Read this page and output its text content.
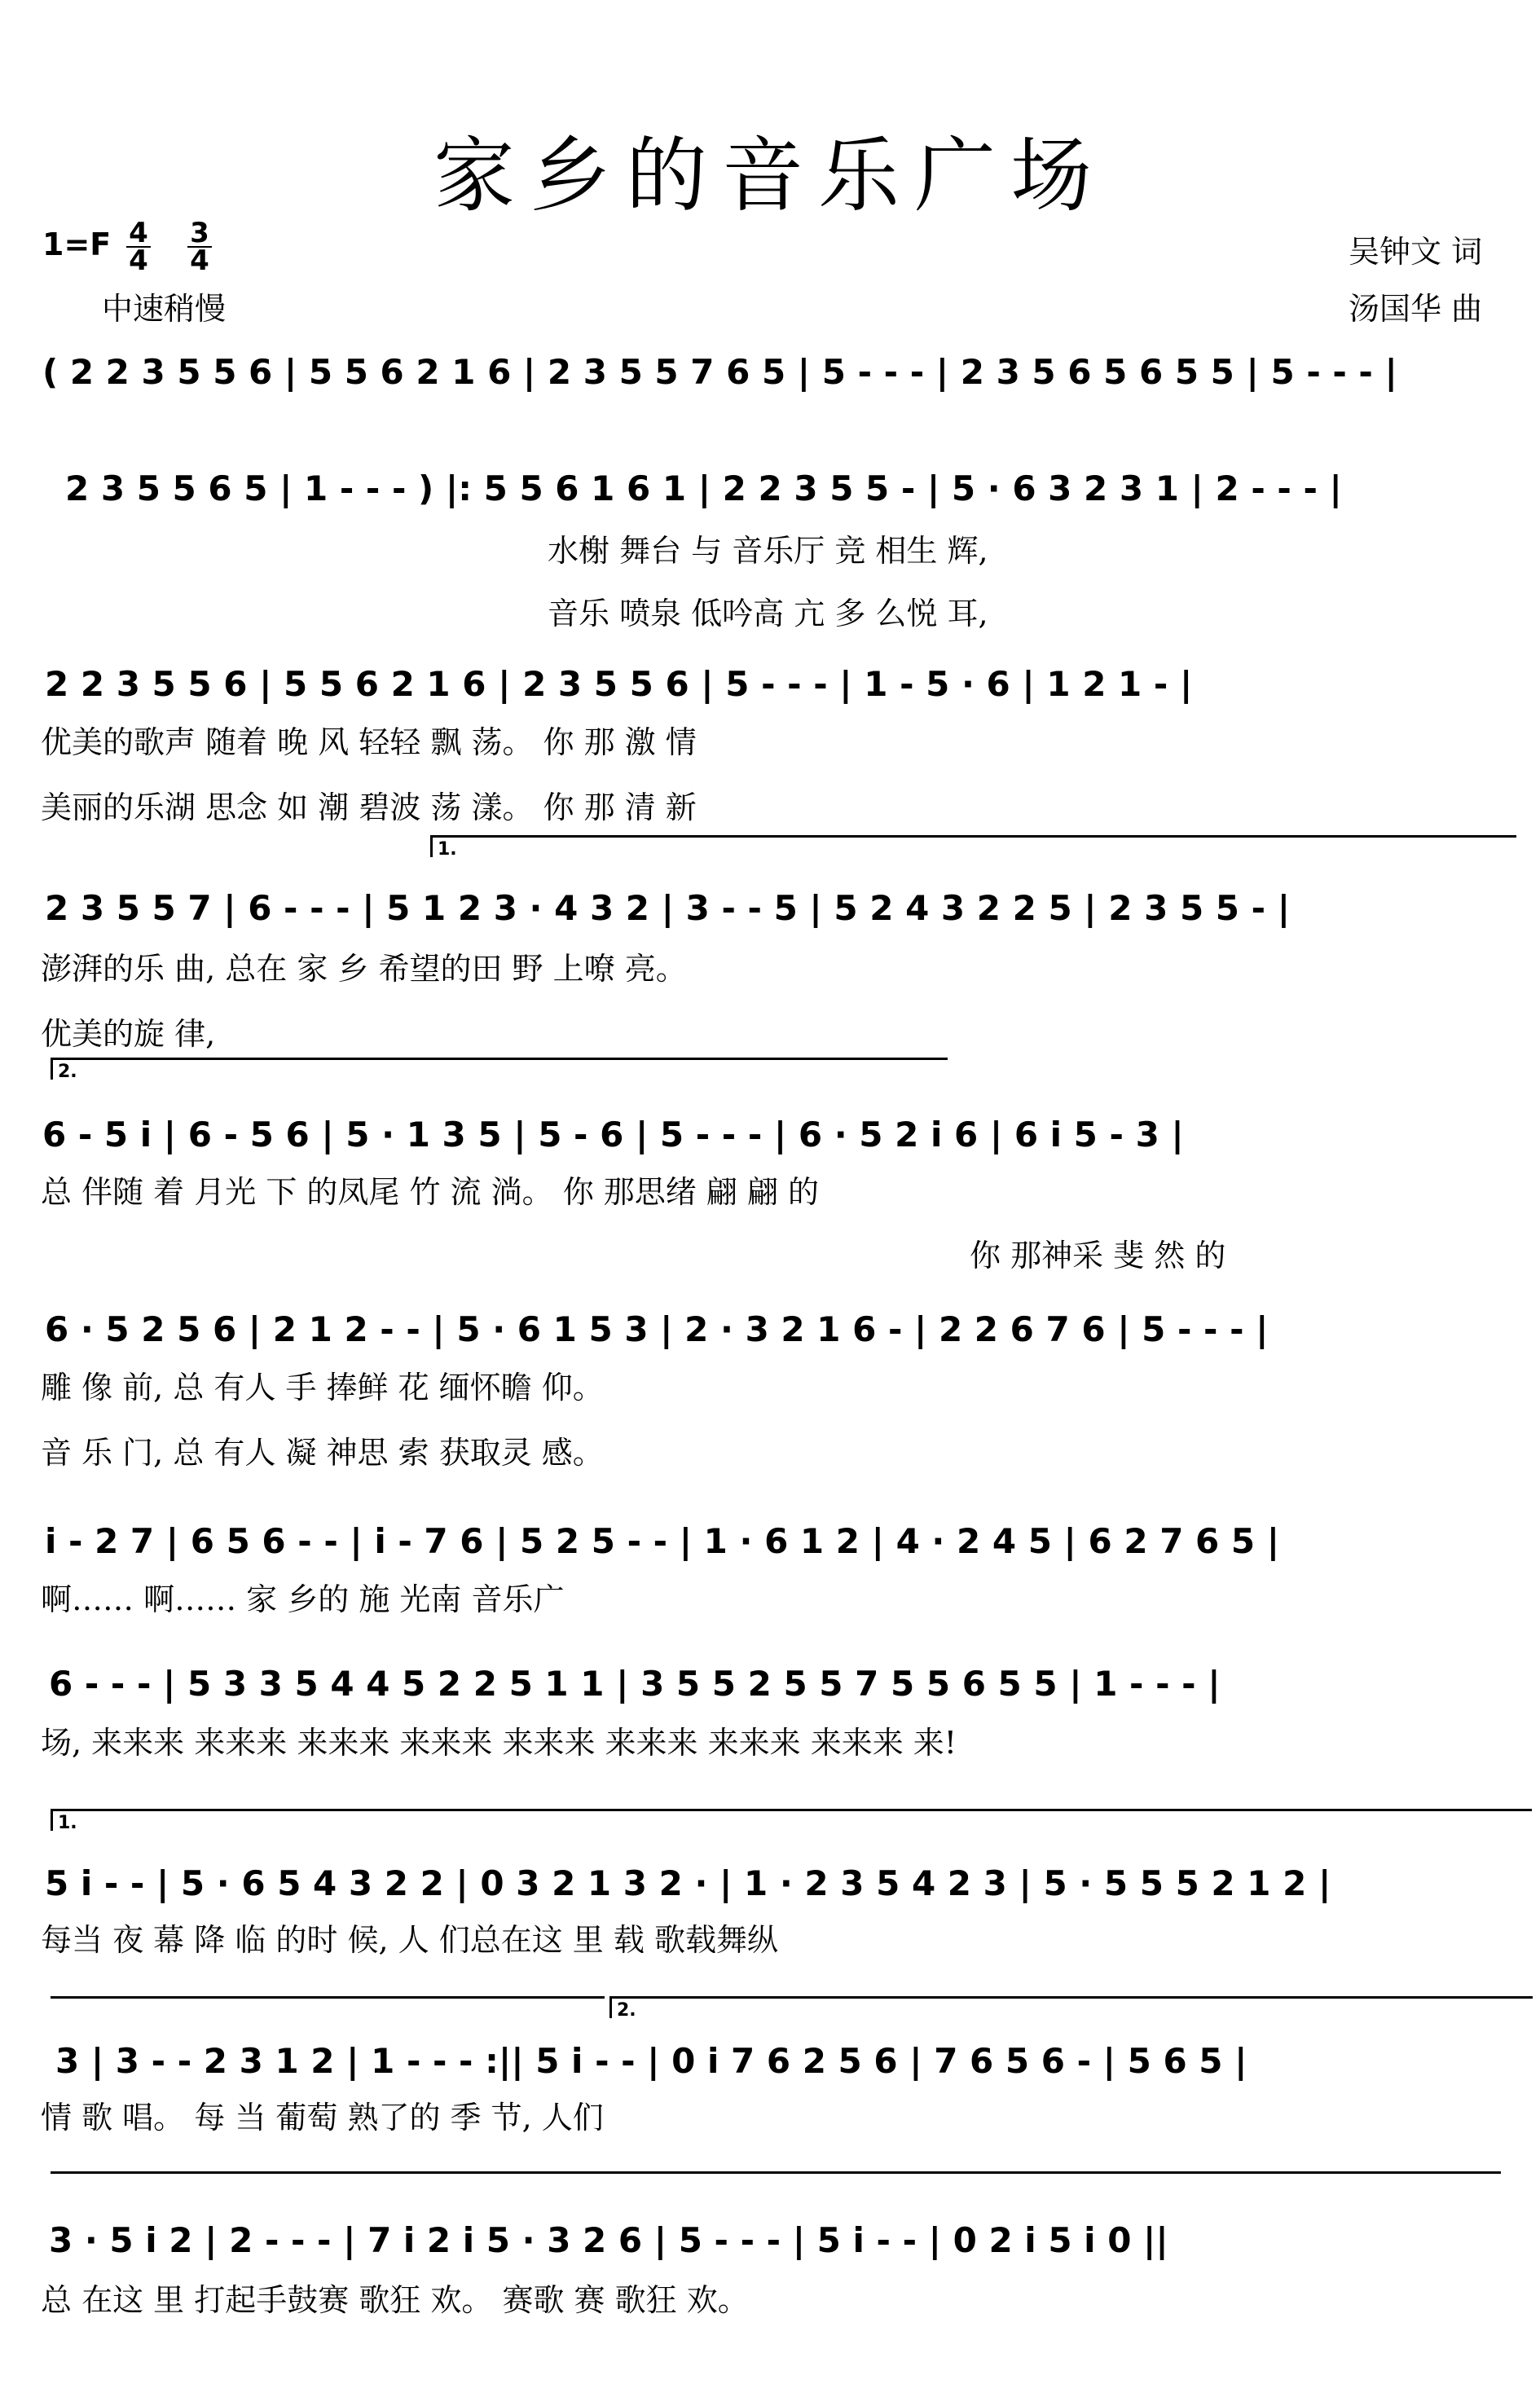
家乡的音乐广场
1=F 4
4
3
4
中速稍慢
吴钟文 词
汤国华 曲
1.
2.
1.
2.
( 2 2 3 5 5 6 | 5 5 6 2 1 6 | 2 3 5 5 7 6 5 | 5 - - - | 2 3 5 6 5 6 5 5 | 5 - - - |
2 3 5 5 6 5 | 1 - - - ) |: 5 5 6 1 6 1 | 2 2 3 5 5 - | 5 · 6 3 2 3 1 | 2 - - - |
2 2 3 5 5 6 | 5 5 6 2 1 6 | 2 3 5 5 6 | 5 - - - | 1 - 5 · 6 | 1 2 1 - |
2 3 5 5 7 | 6 - - - | 5 1 2 3 · 4 3 2 | 3 - - 5 | 5 2 4 3 2 2 5 | 2 3 5 5 - |
6 - 5 i | 6 - 5 6 | 5 · 1 3 5 | 5 - 6 | 5 - - - | 6 · 5 2 i 6 | 6 i 5 - 3 |
6 · 5 2 5 6 | 2 1 2 - - | 5 · 6 1 5 3 | 2 · 3 2 1 6 - | 2 2 6 7 6 | 5 - - - |
i - 2 7 | 6 5 6 - - | i - 7 6 | 5 2 5 - - | 1 · 6 1 2 | 4 · 2 4 5 | 6 2 7 6 5 |
6 - - - | 5 3 3 5 4 4 5 2 2 5 1 1 | 3 5 5 2 5 5 7 5 5 6 5 5 | 1 - - - |
5 i - - | 5 · 6 5 4 3 2 2 | 0 3 2 1 3 2 · | 1 · 2 3 5 4 2 3 | 5 · 5 5 5 2 1 2 |
3 | 3 - - 2 3 1 2 | 1 - - - :|| 5 i - - | 0 i 7 6 2 5 6 | 7 6 5 6 - | 5 6 5 |
3 · 5 i 2 | 2 - - - | 7 i 2 i 5 · 3 2 6 | 5 - - - | 5 i - - | 0 2 i 5 i 0 ||
水榭 舞台 与 音乐厅 竞 相生 辉,
音乐 喷泉 低吟高 亢 多 么悦 耳,
优美的歌声 随着 晚 风 轻轻 飘 荡。 你 那 激 情
美丽的乐湖 思念 如 潮 碧波 荡 漾。 你 那 清 新
澎湃的乐 曲, 总在 家 乡 希望的田 野 上嘹 亮。
优美的旋 律,
总 伴随 着 月光 下 的凤尾 竹 流 淌。 你 那思绪 翩 翩 的
你 那神采 斐 然 的
雕 像 前, 总 有人 手 捧鲜 花 缅怀瞻 仰。
音 乐 门, 总 有人 凝 神思 索 获取灵 感。
啊…… 啊…… 家 乡的 施 光南 音乐广
场, 来来来 来来来 来来来 来来来 来来来 来来来 来来来 来来来 来!
每当 夜 幕 降 临 的时 候, 人 们总在这 里 载 歌载舞纵
情 歌 唱。 每 当 葡萄 熟了的 季 节, 人们
总 在这 里 打起手鼓赛 歌狂 欢。 赛歌 赛 歌狂 欢。
